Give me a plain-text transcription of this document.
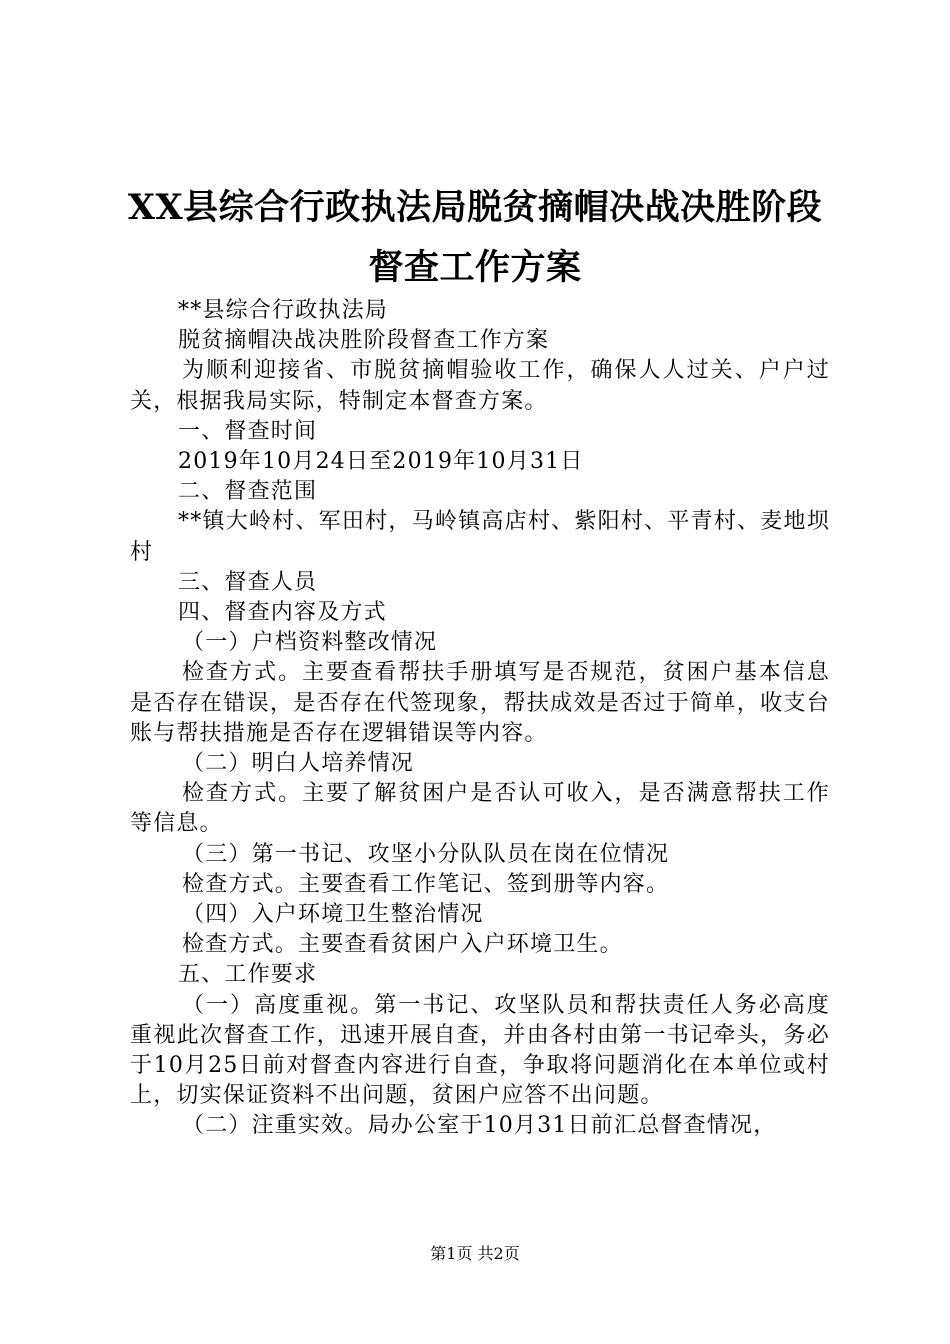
XX县综合行政执法局脱贫摘帽决战决胜阶段
督查工作方案

**县综合行政执法局

脱贫摘帽决战决胜阶段督查工作方案

为顺利迎接省、市脱贫摘帽验收工作，确保人人过关、户户过关，根据我局实际，特制定本督查方案。

一、督查时间

2019年10月24日至2019年10月31日

二、督查范围

**镇大岭村、军田村，马岭镇高店村、紫阳村、平青村、麦地坝村

三、督查人员

四、督查内容及方式

（一）户档资料整改情况

检查方式。主要查看帮扶手册填写是否规范，贫困户基本信息是否存在错误，是否存在代签现象，帮扶成效是否过于简单，收支台账与帮扶措施是否存在逻辑错误等内容。

（二）明白人培养情况

检查方式。主要了解贫困户是否认可收入，是否满意帮扶工作等信息。

（三）第一书记、攻坚小分队队员在岗在位情况

检查方式。主要查看工作笔记、签到册等内容。

（四）入户环境卫生整治情况

检查方式。主要查看贫困户入户环境卫生。

五、工作要求

（一）高度重视。第一书记、攻坚队员和帮扶责任人务必高度重视此次督查工作，迅速开展自查，并由各村由第一书记牵头，务必于10月25日前对督查内容进行自查，争取将问题消化在本单位或村上，切实保证资料不出问题，贫困户应答不出问题。

（二）注重实效。局办公室于10月31日前汇总督查情况，

第1页 共2页
